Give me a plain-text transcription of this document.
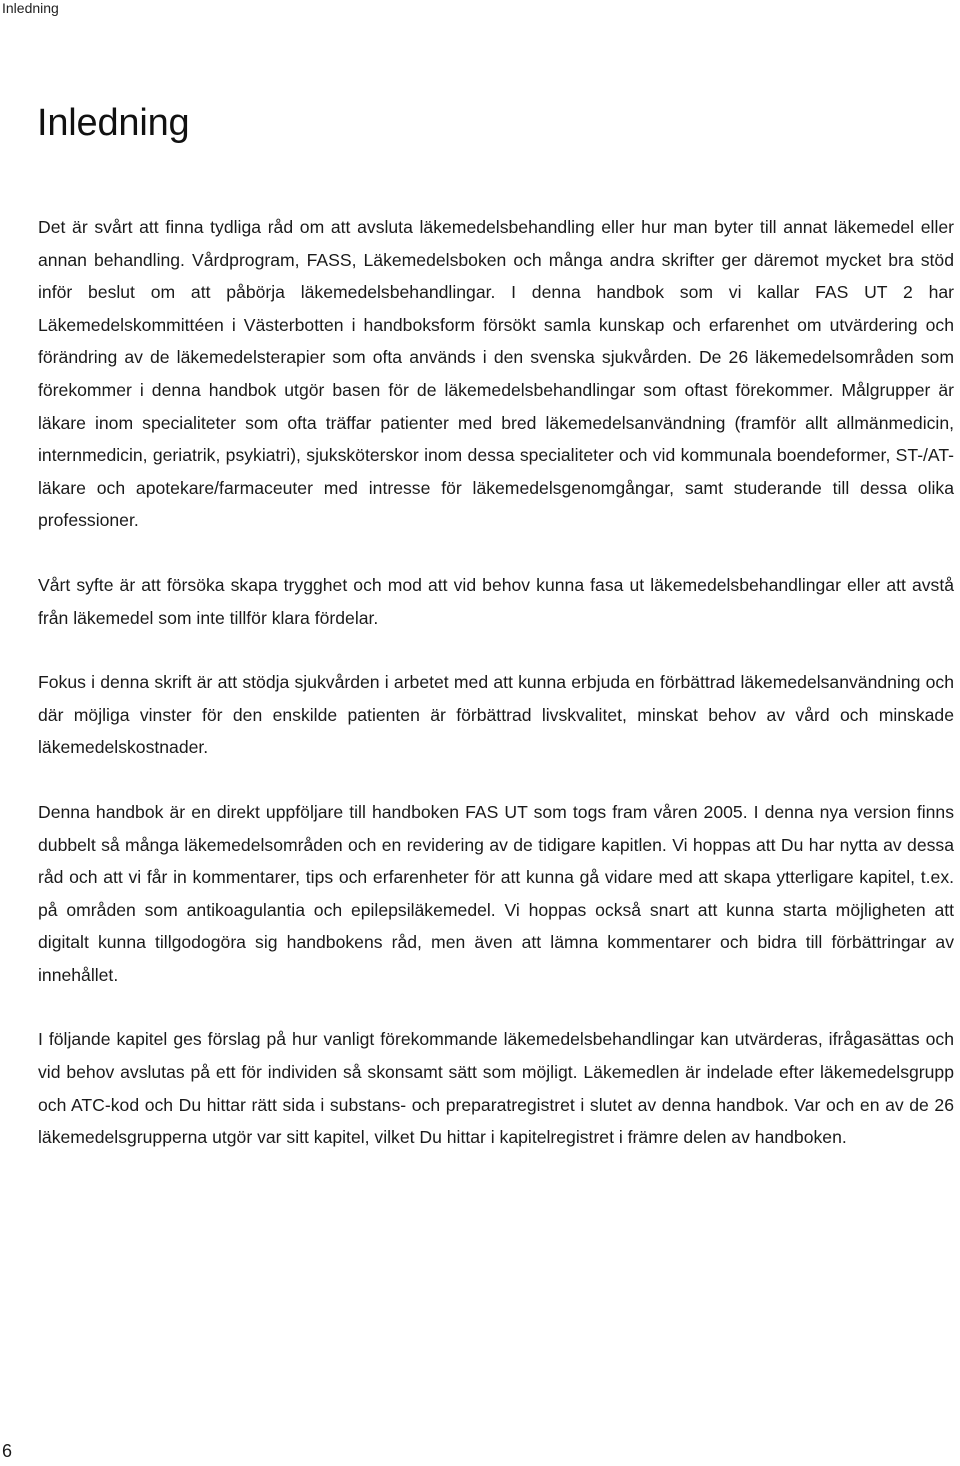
Inledning
Inledning

Det är svårt att finna tydliga råd om att avsluta läkemedelsbehandling eller hur man byter till annat läkemedel eller annan behandling. Vårdprogram, FASS, Läkemedelsboken och många andra skrifter ger däremot mycket bra stöd inför beslut om att påbörja läkemedelsbehandlingar. I denna handbok som vi kallar FAS UT 2 har Läkemedelskommittéen i Västerbotten i handboksform försökt samla kunskap och erfarenhet om utvärdering och förändring av de läkemedelsterapier som ofta används i den svenska sjukvården. De 26 läkemedelsområden som förekommer i denna handbok utgör basen för de läkemedelsbehandlingar som oftast förekommer. Målgrupper är läkare inom specialiteter som ofta träffar patienter med bred läkemedelsanvändning (framför allt allmänmedicin, internmedicin, geriatrik, psykiatri), sjuksköterskor inom dessa specialiteter och vid kommunala boendeformer, ST-/AT-läkare och apotekare/farmaceuter med intresse för läkemedelsgenomgångar, samt studerande till dessa olika professioner.

Vårt syfte är att försöka skapa trygghet och mod att vid behov kunna fasa ut läkemedelsbehandlingar eller att avstå från läkemedel som inte tillför klara fördelar.

Fokus i denna skrift är att stödja sjukvården i arbetet med att kunna erbjuda en förbättrad läkemedelsanvändning och där möjliga vinster för den enskilde patienten är förbättrad livskvalitet, minskat behov av vård och minskade läkemedelskostnader.

Denna handbok är en direkt uppföljare till handboken FAS UT som togs fram våren 2005. I denna nya version finns dubbelt så många läkemedelsområden och en revidering av de tidigare kapitlen. Vi hoppas att Du har nytta av dessa råd och att vi får in kommentarer, tips och erfarenheter för att kunna gå vidare med att skapa ytterligare kapitel, t.ex. på områden som antikoagulantia och epilepsiläkemedel. Vi hoppas också snart att kunna starta möjligheten att digitalt kunna tillgodogöra sig handbokens råd, men även att lämna kommentarer och bidra till förbättringar av innehållet.

I följande kapitel ges förslag på hur vanligt förekommande läkemedelsbehandlingar kan utvärderas, ifrågasättas och vid behov avslutas på ett för individen så skonsamt sätt som möjligt. Läkemedlen är indelade efter läkemedelsgrupp och ATC-kod och Du hittar rätt sida i substans- och preparatregistret i slutet av denna handbok. Var och en av de 26 läkemedelsgrupperna utgör var sitt kapitel, vilket Du hittar i kapitelregistret i främre delen av handboken.

6
